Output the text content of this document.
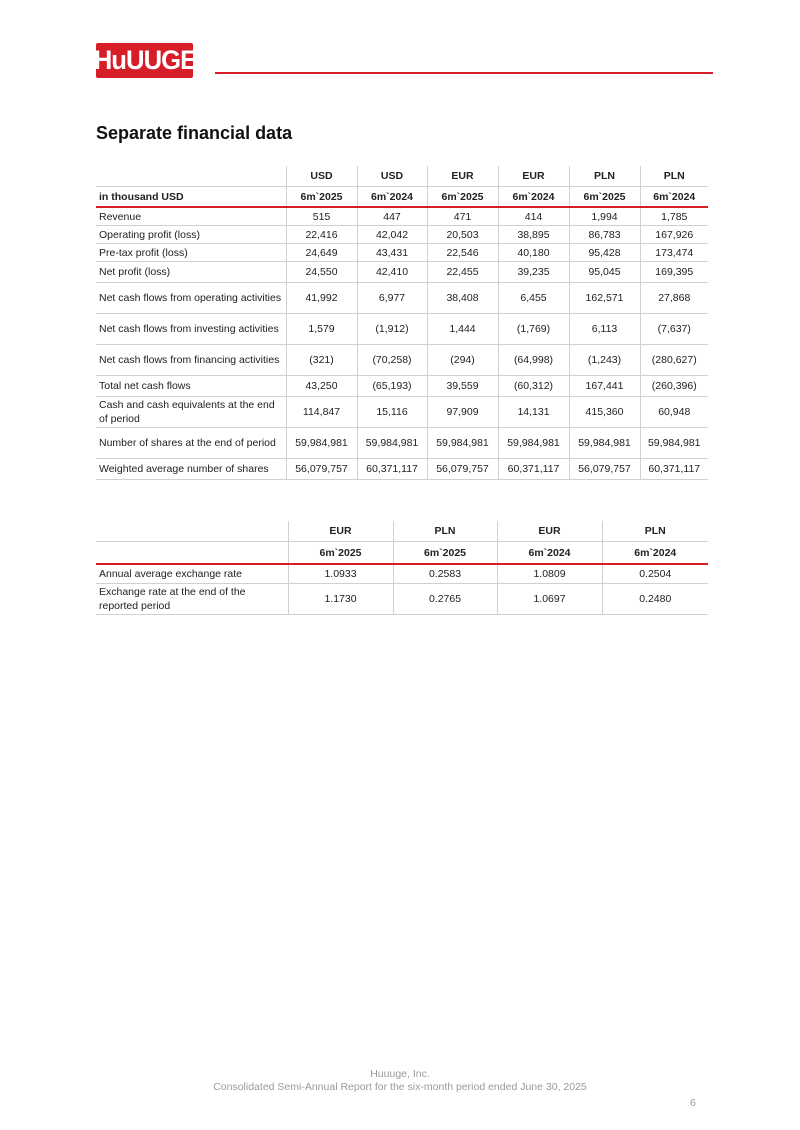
HuUUGE
Separate financial data
	USD	USD	EUR	EUR	PLN	PLN
in thousand USD	6m`2025	6m`2024	6m`2025	6m`2024	6m`2025	6m`2024
Revenue	515	447	471	414	1,994	1,785
Operating profit (loss)	22,416	42,042	20,503	38,895	86,783	167,926
Pre-tax profit (loss)	24,649	43,431	22,546	40,180	95,428	173,474
Net profit (loss)	24,550	42,410	22,455	39,235	95,045	169,395
Net cash flows from operating activities	41,992	6,977	38,408	6,455	162,571	27,868
Net cash flows from investing activities	1,579	(1,912)	1,444	(1,769)	6,113	(7,637)
Net cash flows from financing activities	(321)	(70,258)	(294)	(64,998)	(1,243)	(280,627)
Total net cash flows	43,250	(65,193)	39,559	(60,312)	167,441	(260,396)
Cash and cash equivalents at the end of period	114,847	15,116	97,909	14,131	415,360	60,948
Number of shares at the end of period	59,984,981	59,984,981	59,984,981	59,984,981	59,984,981	59,984,981
Weighted average number of shares	56,079,757	60,371,117	56,079,757	60,371,117	56,079,757	60,371,117
	EUR	PLN	EUR	PLN
	6m`2025	6m`2025	6m`2024	6m`2024
Annual average exchange rate	1.0933	0.2583	1.0809	0.2504
Exchange rate at the end of the reported period	1.1730	0.2765	1.0697	0.2480
Huuuge, Inc.
Consolidated Semi-Annual Report for the six-month period ended June 30, 2025
6
